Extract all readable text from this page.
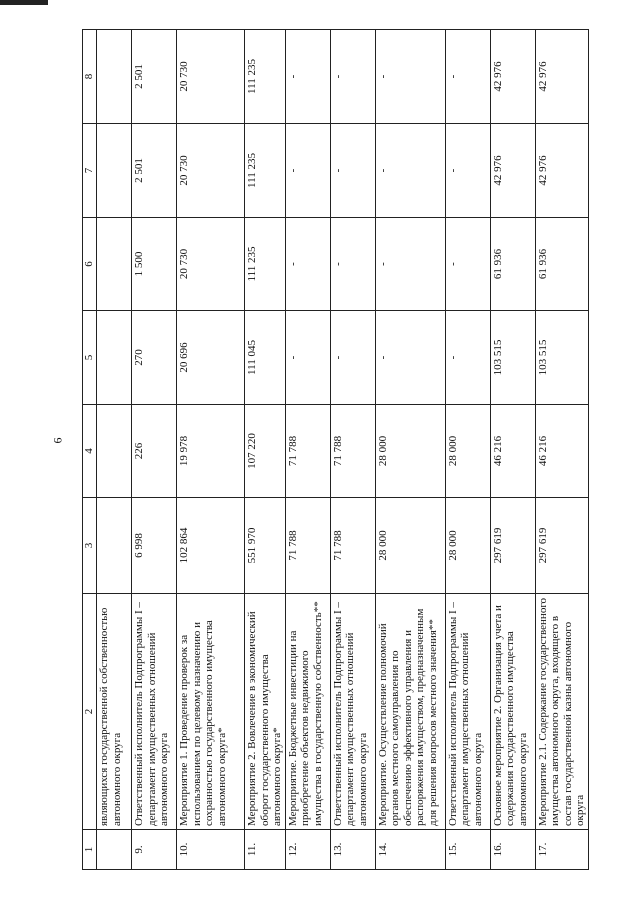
6
1	2	3	4	5	6	7	8
	являющихся государственной собственностью автономного округа						
9.	Ответственный исполнитель Подпрограммы I – департамент имущественных отношений автономного округа	6 998	226	270	1 500	2 501	2 501
10.	Мероприятие 1. Проведение проверок за использованием по целевому назначению и сохранностью государственного имущества автономного округа*	102 864	19 978	20 696	20 730	20 730	20 730
11.	Мероприятие 2. Вовлечение в экономический оборот государственного имущества автономного округа*	551 970	107 220	111 045	111 235	111 235	111 235
12.	Мероприятие. Бюджетные инвестиции на приобретение объектов недвижимого имущества в государственную собственность**	71 788	71 788	-	-	-	-
13.	Ответственный исполнитель Подпрограммы I – департамент имущественных отношений автономного округа	71 788	71 788	-	-	-	-
14.	Мероприятие. Осуществление полномочий органов местного самоуправления по обеспечению эффективного управления и распоряжения имуществом, предназначенным для решения вопросов местного значения**	28 000	28 000	-	-	-	-
15.	Ответственный исполнитель Подпрограммы I – департамент имущественных отношений автономного округа	28 000	28 000	-	-	-	-
16.	Основное мероприятие 2. Организация учета и содержания государственного имущества автономного округа	297 619	46 216	103 515	61 936	42 976	42 976
17.	Мероприятие 2.1. Содержание государственного имущества автономного округа, входящего в состав государственной казны автономного округа	297 619	46 216	103 515	61 936	42 976	42 976
